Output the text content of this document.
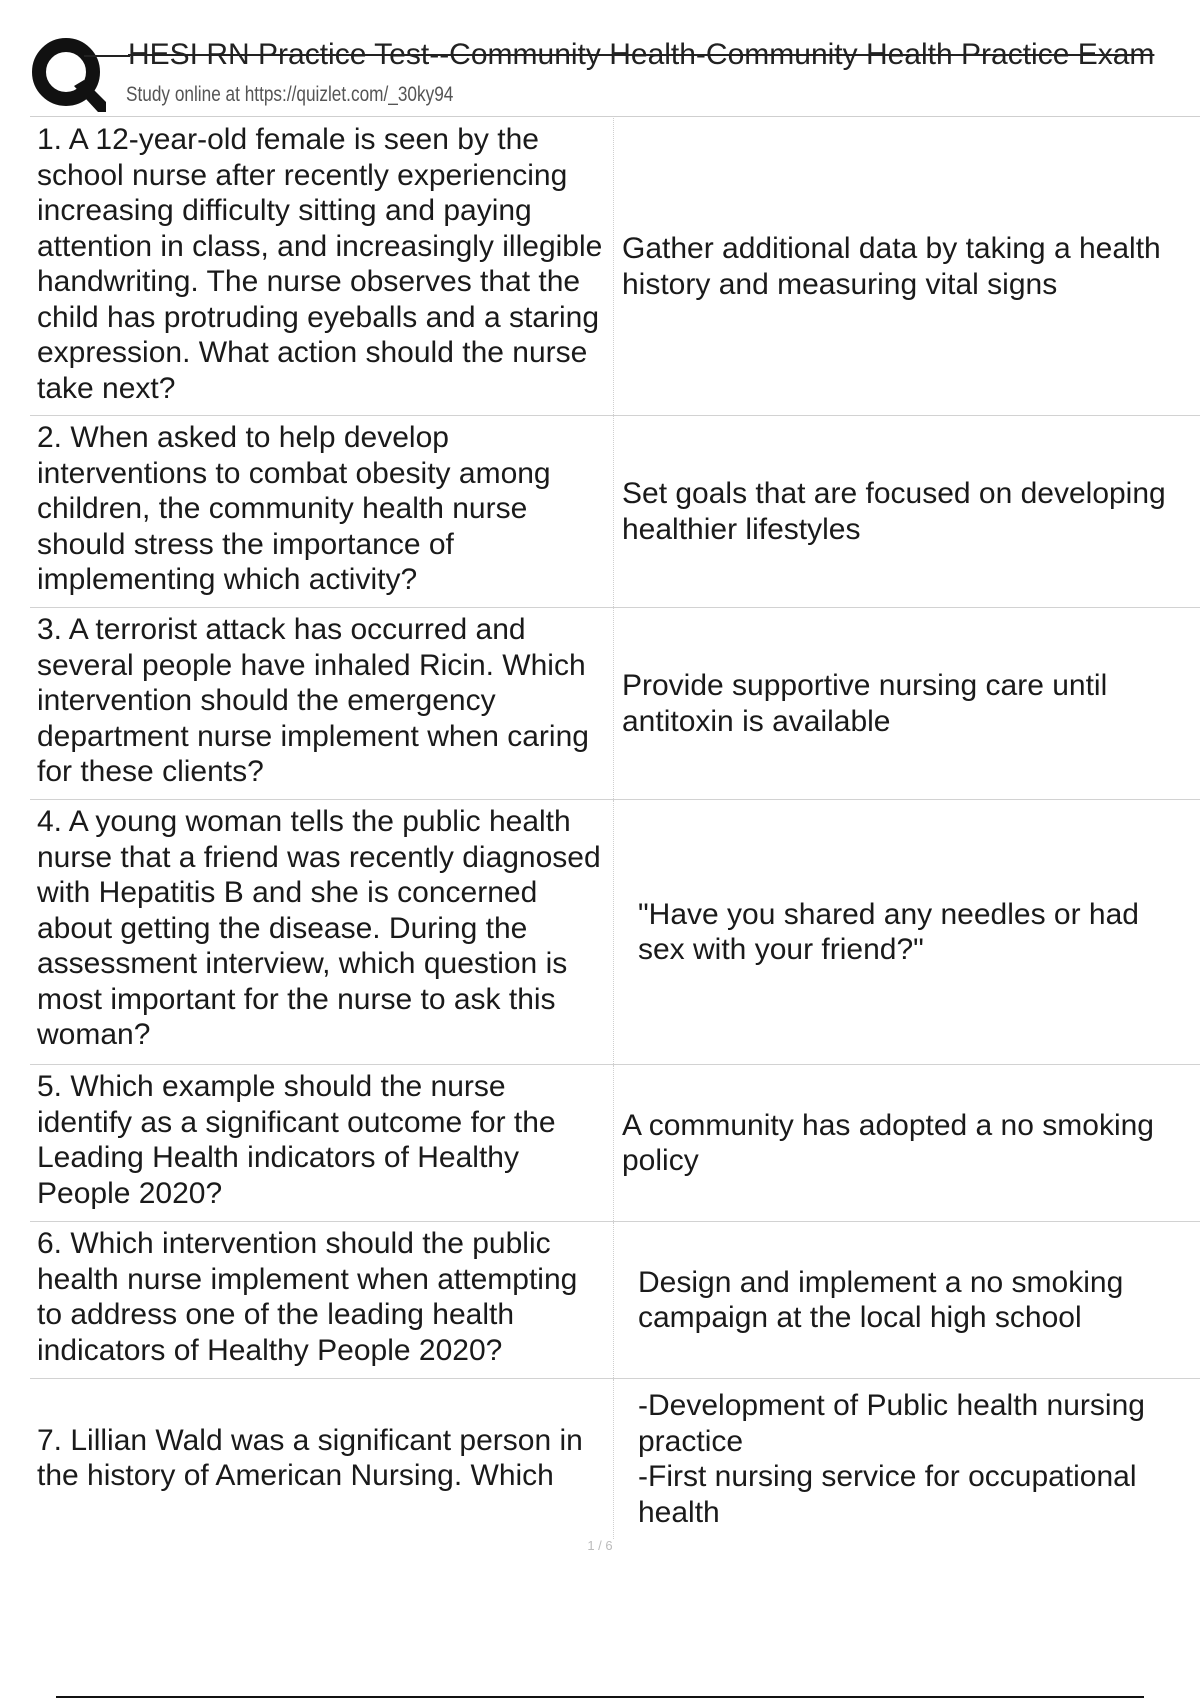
HESI RN Practice Test--Community Health-Community Health Practice Exam
Study online at https://quizlet.com/_30ky94
1. A 12-year-old female is seen by the school nurse after recently experiencing increasing difficulty sitting and paying attention in class, and increasingly illegible handwriting. The nurse observes that the child has protruding eyeballs and a staring expression. What action should the nurse take next?
Gather additional data by taking a health history and measuring vital signs
2. When asked to help develop interventions to combat obesity among children, the community health nurse should stress the importance of implementing which activity?
Set goals that are focused on developing healthier lifestyles
3. A terrorist attack has occurred and several people have inhaled Ricin. Which intervention should the emergency department nurse implement when caring for these clients?
Provide supportive nursing care until antitoxin is available
4. A young woman tells the public health nurse that a friend was recently diagnosed with Hepatitis B and she is concerned about getting the disease. During the assessment interview, which question is most important for the nurse to ask this woman?
"Have you shared any needles or had sex with your friend?"
5. Which example should the nurse identify as a significant outcome for the Leading Health indicators of Healthy People 2020?
A community has adopted a no smoking policy
6. Which intervention should the public health nurse implement when attempting to address one of the leading health indicators of Healthy People 2020?
Design and implement a no smoking campaign at the local high school
7. Lillian Wald was a significant person in the history of American Nursing. Which
-Development of Public health nursing practice
-First nursing service for occupational health
1 / 6
